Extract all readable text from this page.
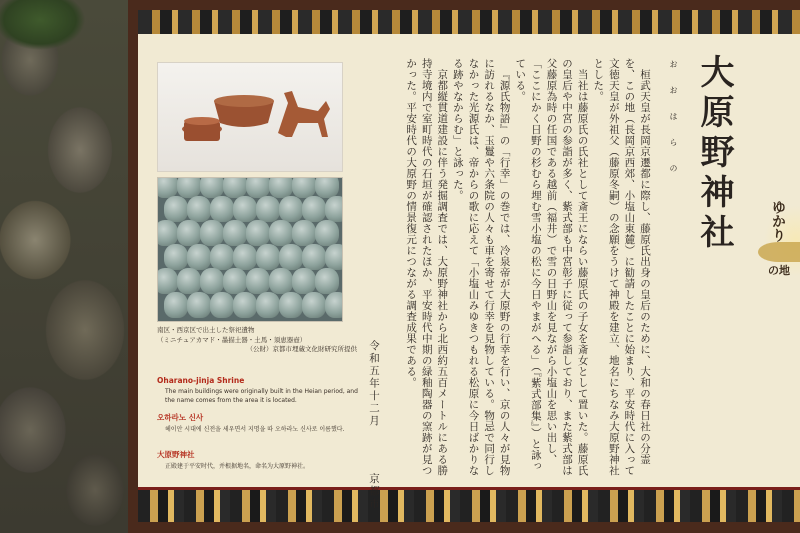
南区・西京区で出土した祭祀遺物
（ミニチュアカマド・墨描土器・土馬・須恵器壺）
（公財）京都市埋蔵文化財研究所提供
Oharano-jinja Shrine
The main buildings were originally built in the Heian period, and the name comes from the area it is located.
오하라노 신사
헤이안 시대에 신전을 세우면서 지명을 따 오하라노 신사로 이름했다.
大原野神社
正殿建于平安时代，并根据地名，命名为大原野神社。

桓武天皇が長岡京遷都に際し、藤原氏出身の皇后のために、大和の春日社の分霊を、この地（長岡京西郊、小塩山東麓）に勧請したことに始まり、平安時代に入って文徳天皇が外祖父（藤原冬嗣）の念願をうけて神殿を建立、地名にちなみ大原野神社とした。

当社は藤原氏の氏社として斎王にならい藤原氏の子女を斎女として置いた。藤原氏の皇后や中宮の参詣が多く、紫式部も中宮彰子に従って参詣しており、また紫式部は父藤原為時の任国である越前（福井）で雪の日野山を見ながら小塩山を思い出し、「ここにかく日野の杉むら埋む雪小塩の松に今日やまがへる」（『紫式部集』）と詠っている。

『源氏物語』の「行幸」の巻では、冷泉帝が大原野の行幸を行い、京の人々が見物に訪れるなか、玉鬘や六条院の人々も車を寄せて行幸を見物している。物忌で同行しなかった光源氏は、帝からの歌に応えて「小塩山みゆきつもれる松原に今日ばかりなる跡やなからむ」と詠った。

京都縦貫道建設に伴う発掘調査では、大原野神社から北西約五百メートルにある勝持寺境内で室町時代の石垣が確認されたほか、平安時代中期の緑釉陶器の窯跡が見つかった。平安時代の大原野の情景復元につながる調査成果である。

令和五年十二月 京都市
おおはらの 大原野神社	ゆかり
の地
